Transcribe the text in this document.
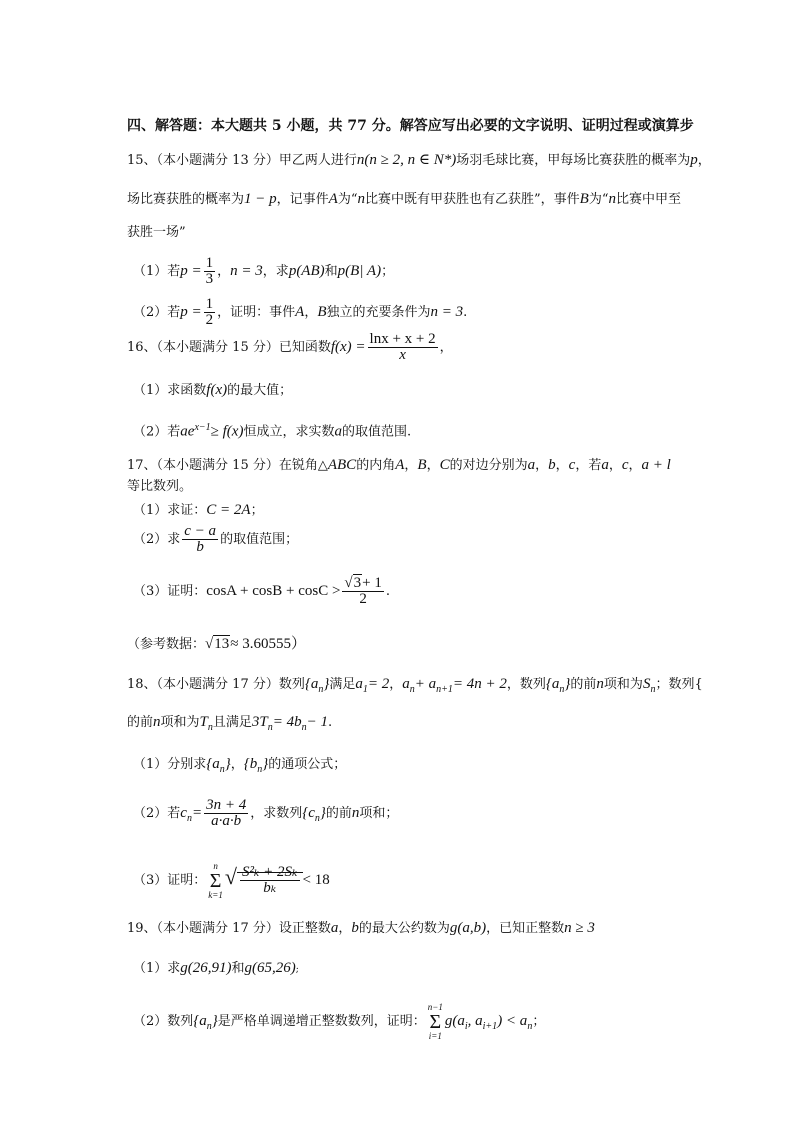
四、解答题：本大题共 5 小题，共 77 分。解答应写出必要的文字说明、证明过程或演算步
15、（本小题满分 13 分）甲乙两人进行n(n ≥ 2, n ∈ N*)场羽毛球比赛，甲每场比赛获胜的概率为p，
场比赛获胜的概率为1 − p，记事件A为“n比赛中既有甲获胜也有乙获胜”，事件B为“n比赛中甲至
获胜一场”
（1）若$p = \frac{1}{3}$ ，n = 3，求p(AB)和p(B| A)；
（2）若$p = \frac{1}{2}$ ，证明：事件A，B独立的充要条件为n = 3.
16、（本小题满分 15 分）已知函数$f(x) = \frac{\ln x + x + 2}{x}$ ，
（1）求函数f(x)的最大值；
（2）若$ae^{x-1}\ge f(x)$恒成立，求实数a的取值范围.
17、（本小题满分 15 分）在锐角△ABC的内角A，B，C的对边分别为a，b，c，若a，c，a + l
等比数列。
（1）求证：C = 2A；
（2）求 $\frac{c - a}{b}$ 的取值范围；
（3）证明：$\cos A + \cos B + \cos C > \frac{√3+ 1}{2}$ .
（参考数据：√13≈ 3.60555）
18、（本小题满分 17 分）数列$\{a_n\}$满足$a_1= 2$，$a_n+ a_{n+1}= 4n + 2$，数列$\{a_n\}$的前n项和为$S_n$；数列{
的前n项和为$T_n$且满足$3T_n= 4b_n- 1$.
（1）分别求$\{a_n\}$，$\{b_n\}$的通项公式；
（2）若$c_n= \frac{3n + 4}{a\cdot a\cdot b}$ ，求数列$\{c_n\}$的前n项和；
（3）证明：
n
Σ
k=1
√ $\frac{\text{S²ₖ + 2Sₖ}}{\text{bₖ}} < 18$
19、（本小题满分 17 分）设正整数a，b的最大公约数为g(a,b)，已知正整数n ≥ 3
（1）求g(26,91)和g(65,26);
（2）数列$\{a_n\}$是严格单调递增正整数数列，证明：
n−1
Σ
i=1
$g(a_i$, $a_{i+1}) < a_n$；
